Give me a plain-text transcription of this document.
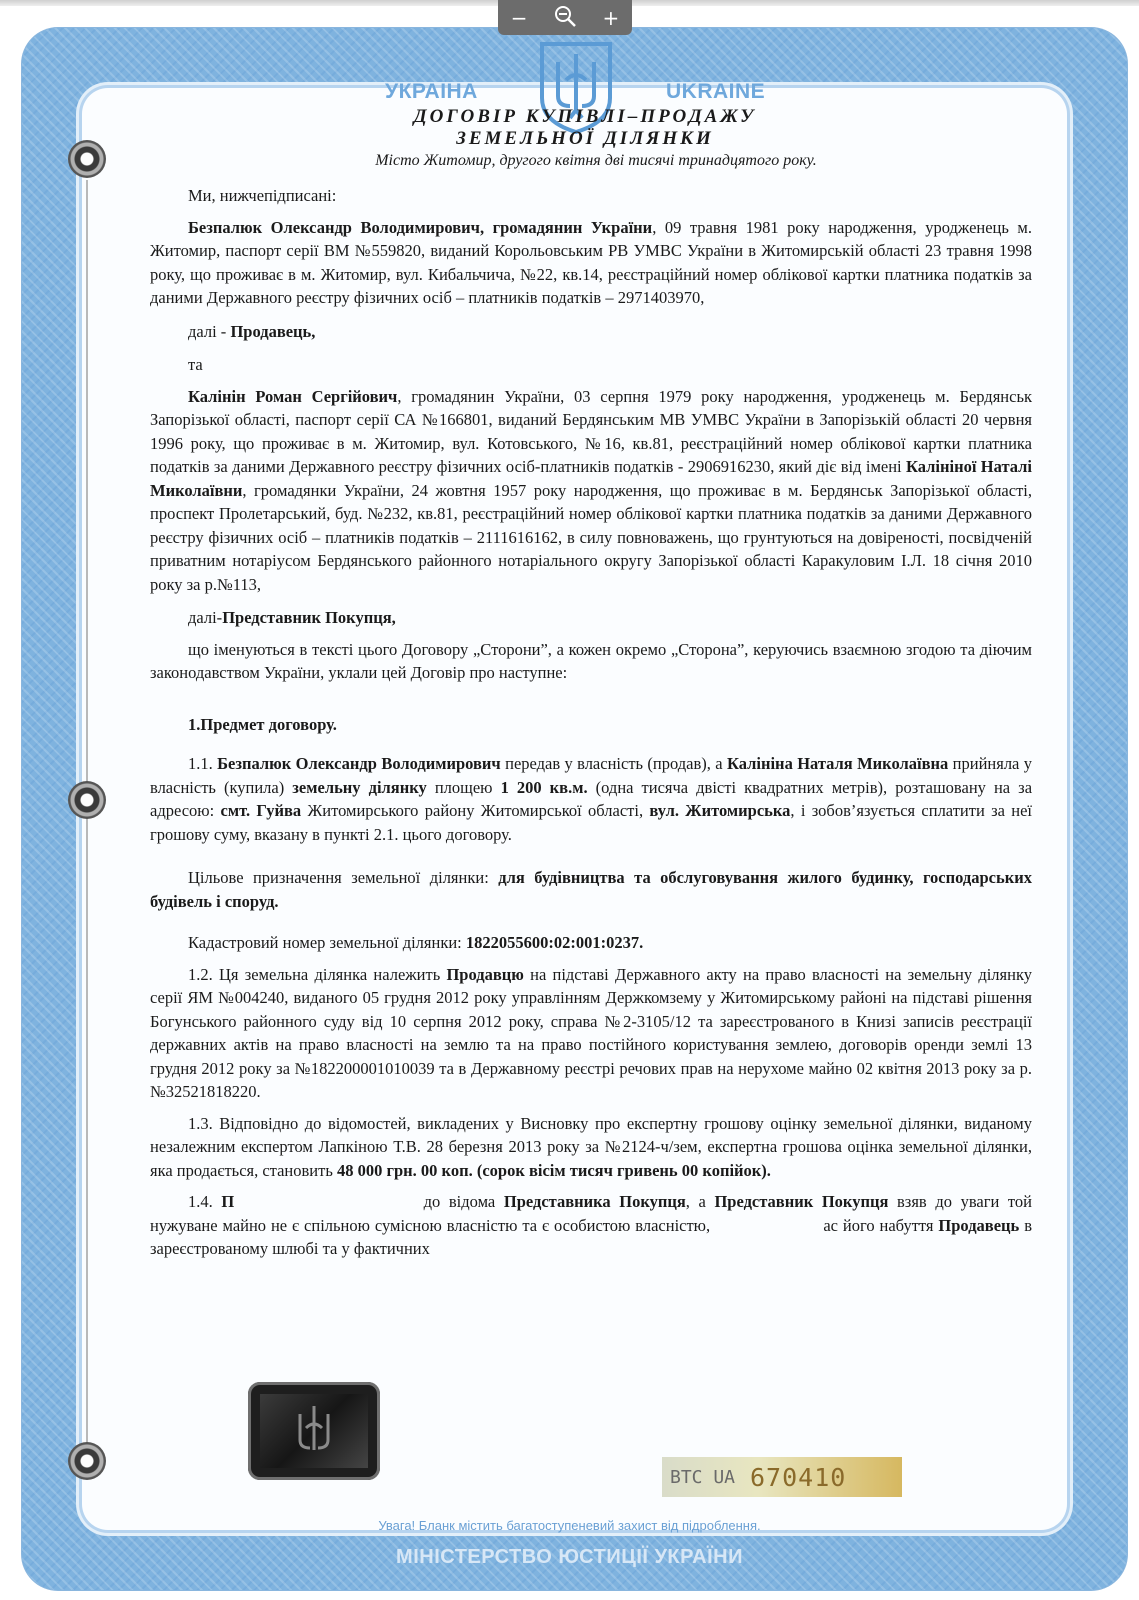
−	+
УКРАЇНА	UKRAINE
ДОГОВІР КУПІВЛІ–ПРОДАЖУ
ЗЕМЕЛЬНОЇ ДІЛЯНКИ
Місто Житомир, другого квітня дві тисячі тринадцятого року.

Ми, нижчепідписані:

Безпалюк Олександр Володимирович, громадянин України, 09 травня 1981 року народження, уродженець м. Житомир, паспорт серії ВМ №559820, виданий Корольовським РВ УМВС України в Житомирській області 23 травня 1998 року, що проживає в м. Житомир, вул. Кибальчича, №22, кв.14, реєстраційний номер облікової картки платника податків за даними Державного реєстру фізичних осіб – платників податків – 2971403970,

далі - Продавець,

та

Калінін Роман Сергійович, громадянин України, 03 серпня 1979 року народження, уродженець м. Бердянськ Запорізької області, паспорт серії СА №166801, виданий Бердянським МВ УМВС України в Запорізькій області 20 червня 1996 року, що проживає в м. Житомир, вул. Котовського, №16, кв.81, реєстраційний номер облікової картки платника податків за даними Державного реєстру фізичних осіб-платників податків - 2906916230, який діє від імені Калініної Наталі Миколаївни, громадянки України, 24 жовтня 1957 року народження, що проживає в м. Бердянськ Запорізької області, проспект Пролетарський, буд. №232, кв.81, реєстраційний номер облікової картки платника податків за даними Державного реєстру фізичних осіб – платників податків – 2111616162, в силу повноважень, що грунтуються на довіреності, посвідченій приватним нотаріусом Бердянського районного нотаріального округу Запорізької області Каракуловим І.Л. 18 січня 2010 року за р.№113,

далі-Представник Покупця,

що іменуються в тексті цього Договору „Сторони”, а кожен окремо „Сторона”, керуючись взаємною згодою та діючим законодавством України, уклали цей Договір про наступне:

1.Предмет договору.

1.1. Безпалюк Олександр Володимирович передав у власність (продав), а Калініна Наталя Миколаївна прийняла у власність (купила) земельну ділянку площею 1 200 кв.м. (одна тисяча двісті квадратних метрів), розташовану на за адресою: смт. Гуйва Житомирського району Житомирської області, вул. Житомирська, і зобов’язується сплатити за неї грошову суму, вказану в пункті 2.1. цього договору.

Цільове призначення земельної ділянки: для будівництва та обслуговування жилого будинку, господарських будівель і споруд.

Кадастровий номер земельної ділянки: 1822055600:02:001:0237.

1.2. Ця земельна ділянка належить Продавцю на підставі Державного акту на право власності на земельну ділянку серії ЯМ №004240, виданого 05 грудня 2012 року управлінням Держкомзему у Житомирському районі на підставі рішення Богунського районного суду від 10 серпня 2012 року, справа №2-3105/12 та зареєстрованого в Книзі записів реєстрації державних актів на право власності на землю та на право постійного користування землею, договорів оренди землі 13 грудня 2012 року за №182200001010039 та в Державному реєстрі речових прав на нерухоме майно 02 квітня 2013 року за р.№32521818220.

1.3. Відповідно до відомостей, викладених у Висновку про експертну грошову оцінку земельної ділянки, виданому незалежним експертом Лапкіною Т.В. 28 березня 2013 року за №2124-ч/зем, експертна грошова оцінка земельної ділянки, яка продається, становить 48 000 грн. 00 коп. (сорок вісім тисяч гривень 00 копійок).

1.4. П                      до відома Представника Покупця, а Представник Покупця взяв до уваги той                       нужуване майно не є спільною сумісною власністю та є особистою власністю,                       ас його набуття Продавець в зареєстрованому шлюбі та у фактичних

ВТС UA 670410
Увага! Бланк містить багатоступеневий захист від підроблення.
МІНІСТЕРСТВО ЮСТИЦІЇ УКРАЇНИ
